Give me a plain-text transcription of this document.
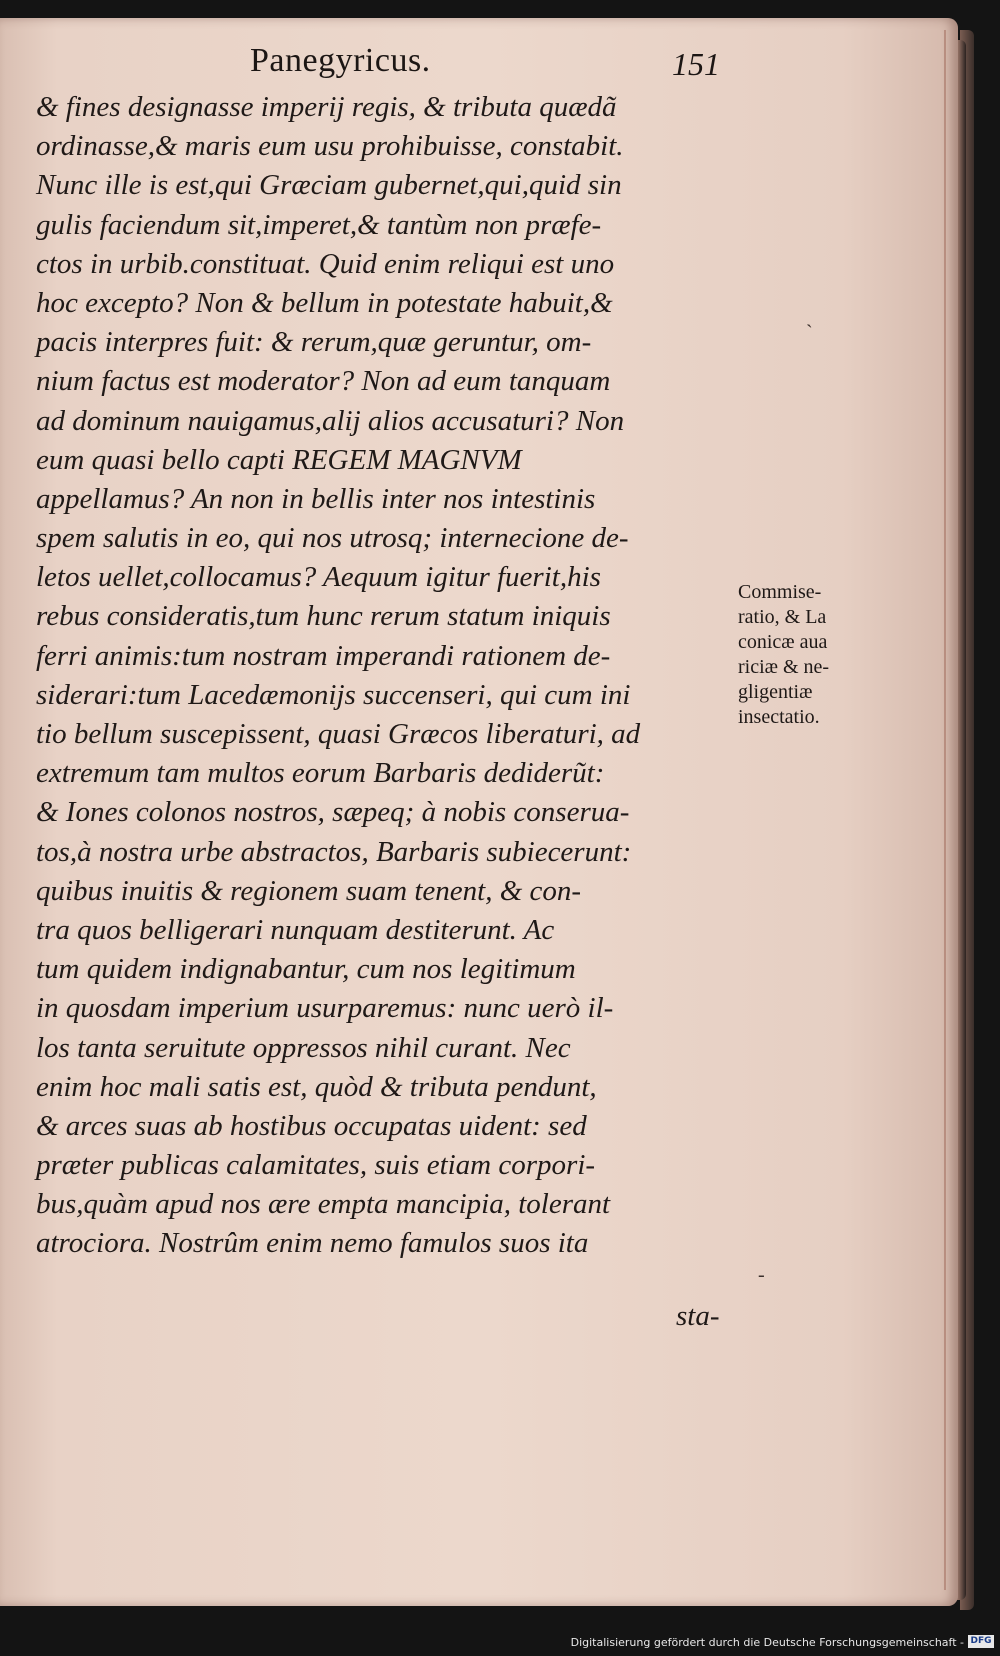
Panegyricus.	151
& fines designasse imperij regis, & tributa quædã
ordinasse,& maris eum usu prohibuisse, constabit.
Nunc ille is est,qui Græciam gubernet,qui,quid sin
gulis faciendum sit,imperet,& tantùm non præfe-
ctos in urbib.constituat. Quid enim reliqui est uno
hoc excepto? Non & bellum in potestate habuit,&
pacis interpres fuit: & rerum,quæ geruntur, om-
nium factus est moderator? Non ad eum tanquam
ad dominum nauigamus,alij alios accusaturi? Non
eum quasi bello capti REGEM MAGNVM
appellamus? An non in bellis inter nos intestinis
spem salutis in eo, qui nos utrosq; internecione de-
letos uellet,collocamus? Aequum igitur fuerit,his
rebus consideratis,tum hunc rerum statum iniquis
ferri animis:tum nostram imperandi rationem de-
siderari:tum Lacedæmonijs succenseri, qui cum ini
tio bellum suscepissent, quasi Græcos liberaturi, ad
extremum tam multos eorum Barbaris dediderũt:
& Iones colonos nostros, sæpeq; à nobis conserua-
tos,à nostra urbe abstractos, Barbaris subiecerunt:
quibus inuitis & regionem suam tenent, & con-
tra quos belligerari nunquam destiterunt. Ac
tum quidem indignabantur, cum nos legitimum
in quosdam imperium usurparemus: nunc uerò il-
los tanta seruitute oppressos nihil curant. Nec
enim hoc mali satis est, quòd & tributa pendunt,
& arces suas ab hostibus occupatas uident: sed
præter publicas calamitates, suis etiam corpori-
bus,quàm apud nos ære empta mancipia, tolerant
atrociora. Nostrûm enim nemo famulos suos ita
sta-
Commise-
ratio, & La
conicæ aua
riciæ & ne-
gligentiæ
insectatio.
ˏ
-
Digitalisierung gefördert durch die Deutsche Forschungsgemeinschaft - DFG
